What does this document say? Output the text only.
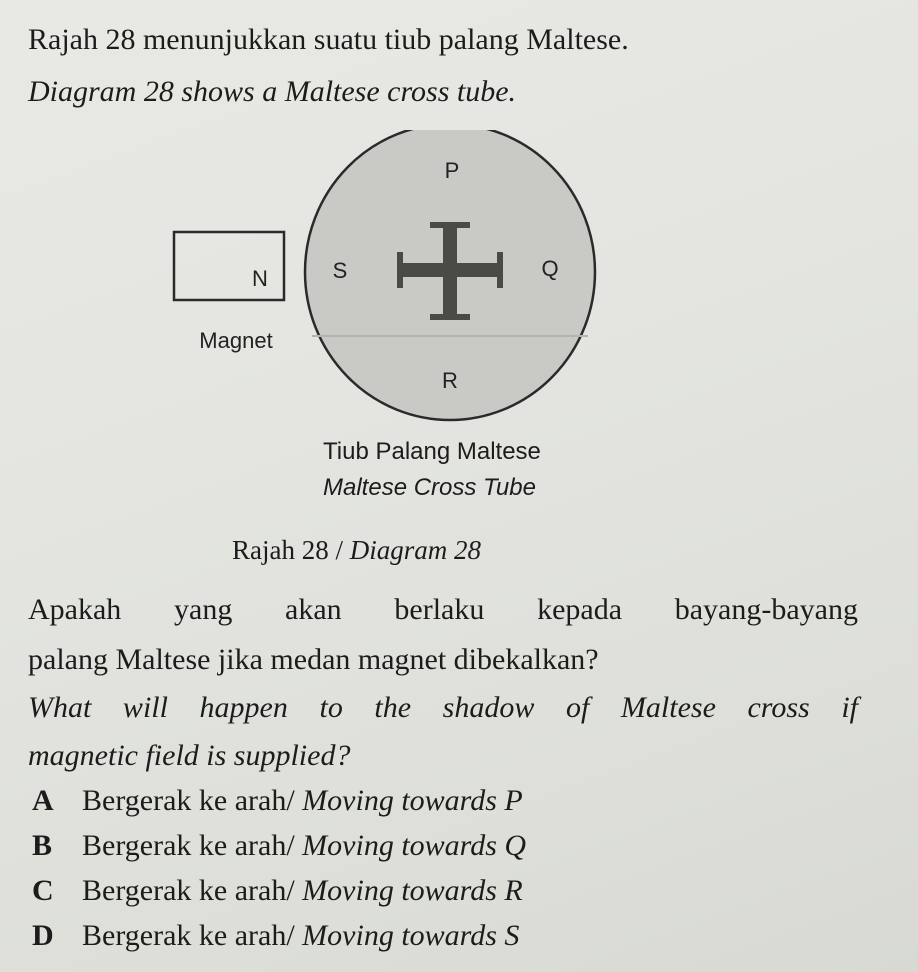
Rajah 28 menunjukkan suatu tiub palang Maltese.

Diagram 28 shows a Maltese cross tube.

N
Magnet
P
Q
R
S
Tiub Palang Maltese
Maltese Cross Tube
Rajah 28 / Diagram 28

Apakah yang akan berlaku kepada bayang-bayang

palang Maltese jika medan magnet dibekalkan?

What will happen to the shadow of Maltese cross if

magnetic field is supplied?

A Bergerak ke arah/ Moving towards P
B Bergerak ke arah/ Moving towards Q
C Bergerak ke arah/ Moving towards R
D Bergerak ke arah/ Moving towards S
